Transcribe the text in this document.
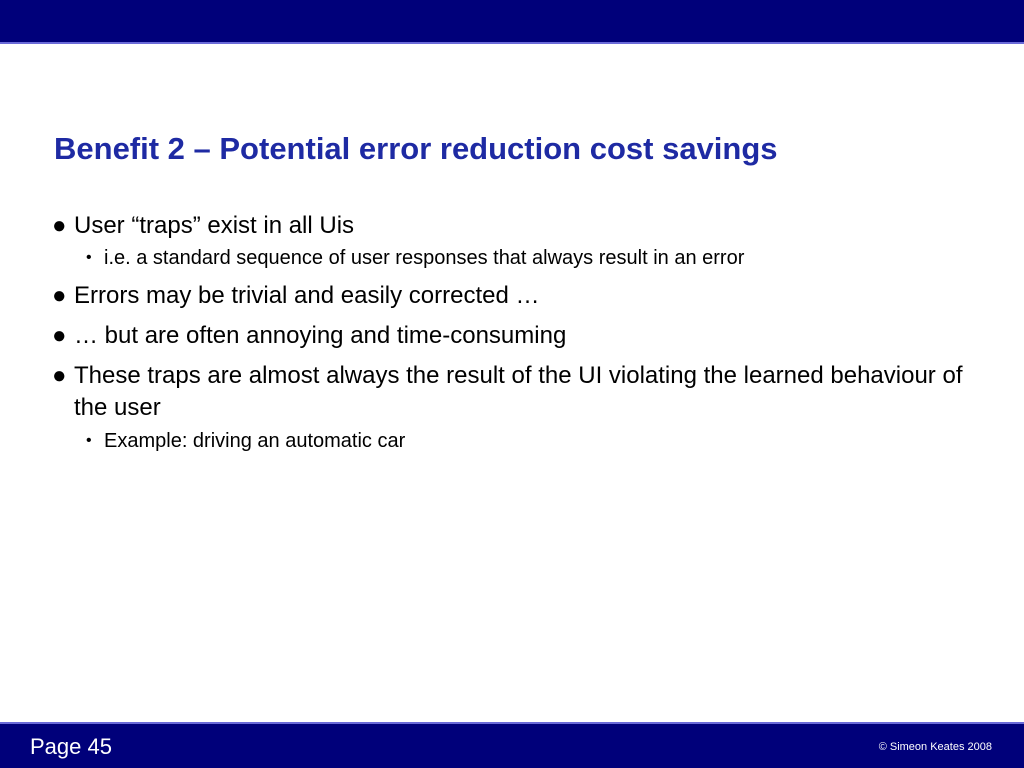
Benefit 2 – Potential error reduction cost savings
● User “traps” exist in all Uis
• i.e. a standard sequence of user responses that always result in an error
● Errors may be trivial and easily corrected …
● … but are often annoying and time-consuming
● These traps are almost always the result of the UI violating the learned behaviour of the user
• Example: driving an automatic car
Page 45	© Simeon Keates 2008
